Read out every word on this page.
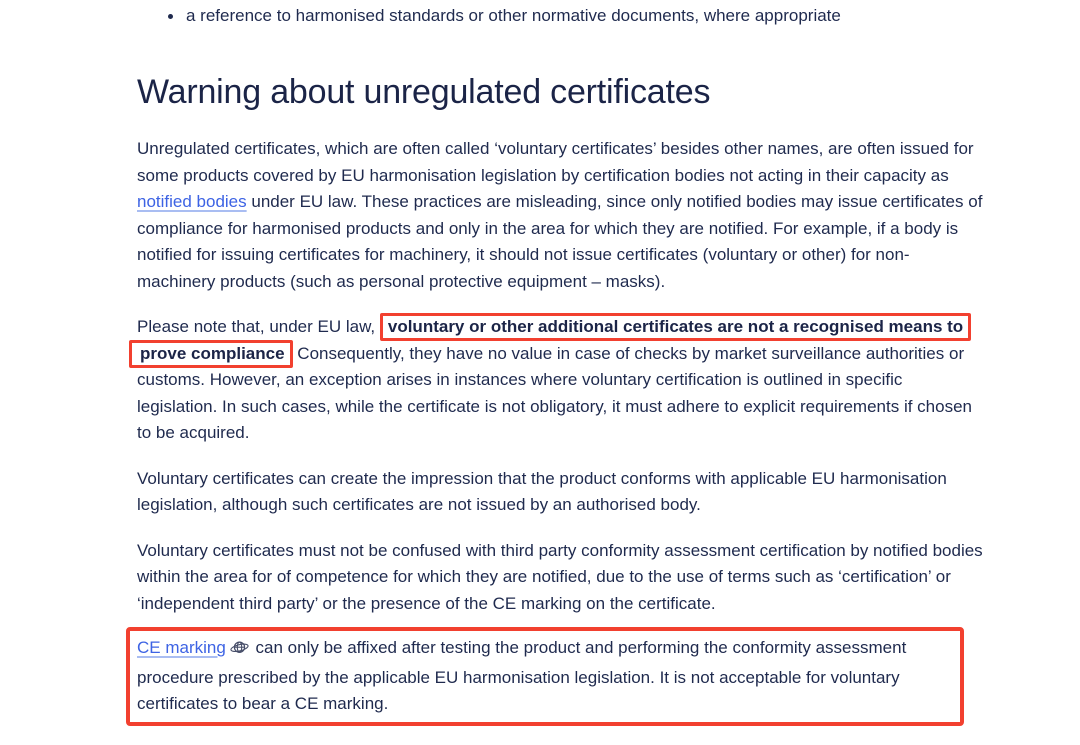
a reference to harmonised standards or other normative documents, where appropriate
Warning about unregulated certificates

Unregulated certificates, which are often called ‘voluntary certificates’ besides other names, are often issued for some products covered by EU harmonisation legislation by certification bodies not acting in their capacity as notified bodies under EU law. These practices are misleading, since only notified bodies may issue certificates of compliance for harmonised products and only in the area for which they are notified. For example, if a body is notified for issuing certificates for machinery, it should not issue certificates (voluntary or other) for non-machinery products (such as personal protective equipment – masks).

Please note that, under EU law, voluntary or other additional certificates are not a recognised means to
prove compliance Consequently, they have no value in case of checks by market surveillance authorities or customs. However, an exception arises in instances where voluntary certification is outlined in specific legislation. In such cases, while the certificate is not obligatory, it must adhere to explicit requirements if chosen to be acquired.

Voluntary certificates can create the impression that the product conforms with applicable EU harmonisation legislation, although such certificates are not issued by an authorised body.

Voluntary certificates must not be confused with third party conformity assessment certification by notified bodies within the area for of competence for which they are notified, due to the use of terms such as ‘certification’ or ‘independent third party’ or the presence of the CE marking on the certificate.

CE marking can only be affixed after testing the product and performing the conformity assessment procedure prescribed by the applicable EU harmonisation legislation. It is not acceptable for voluntary certificates to bear a CE marking.
